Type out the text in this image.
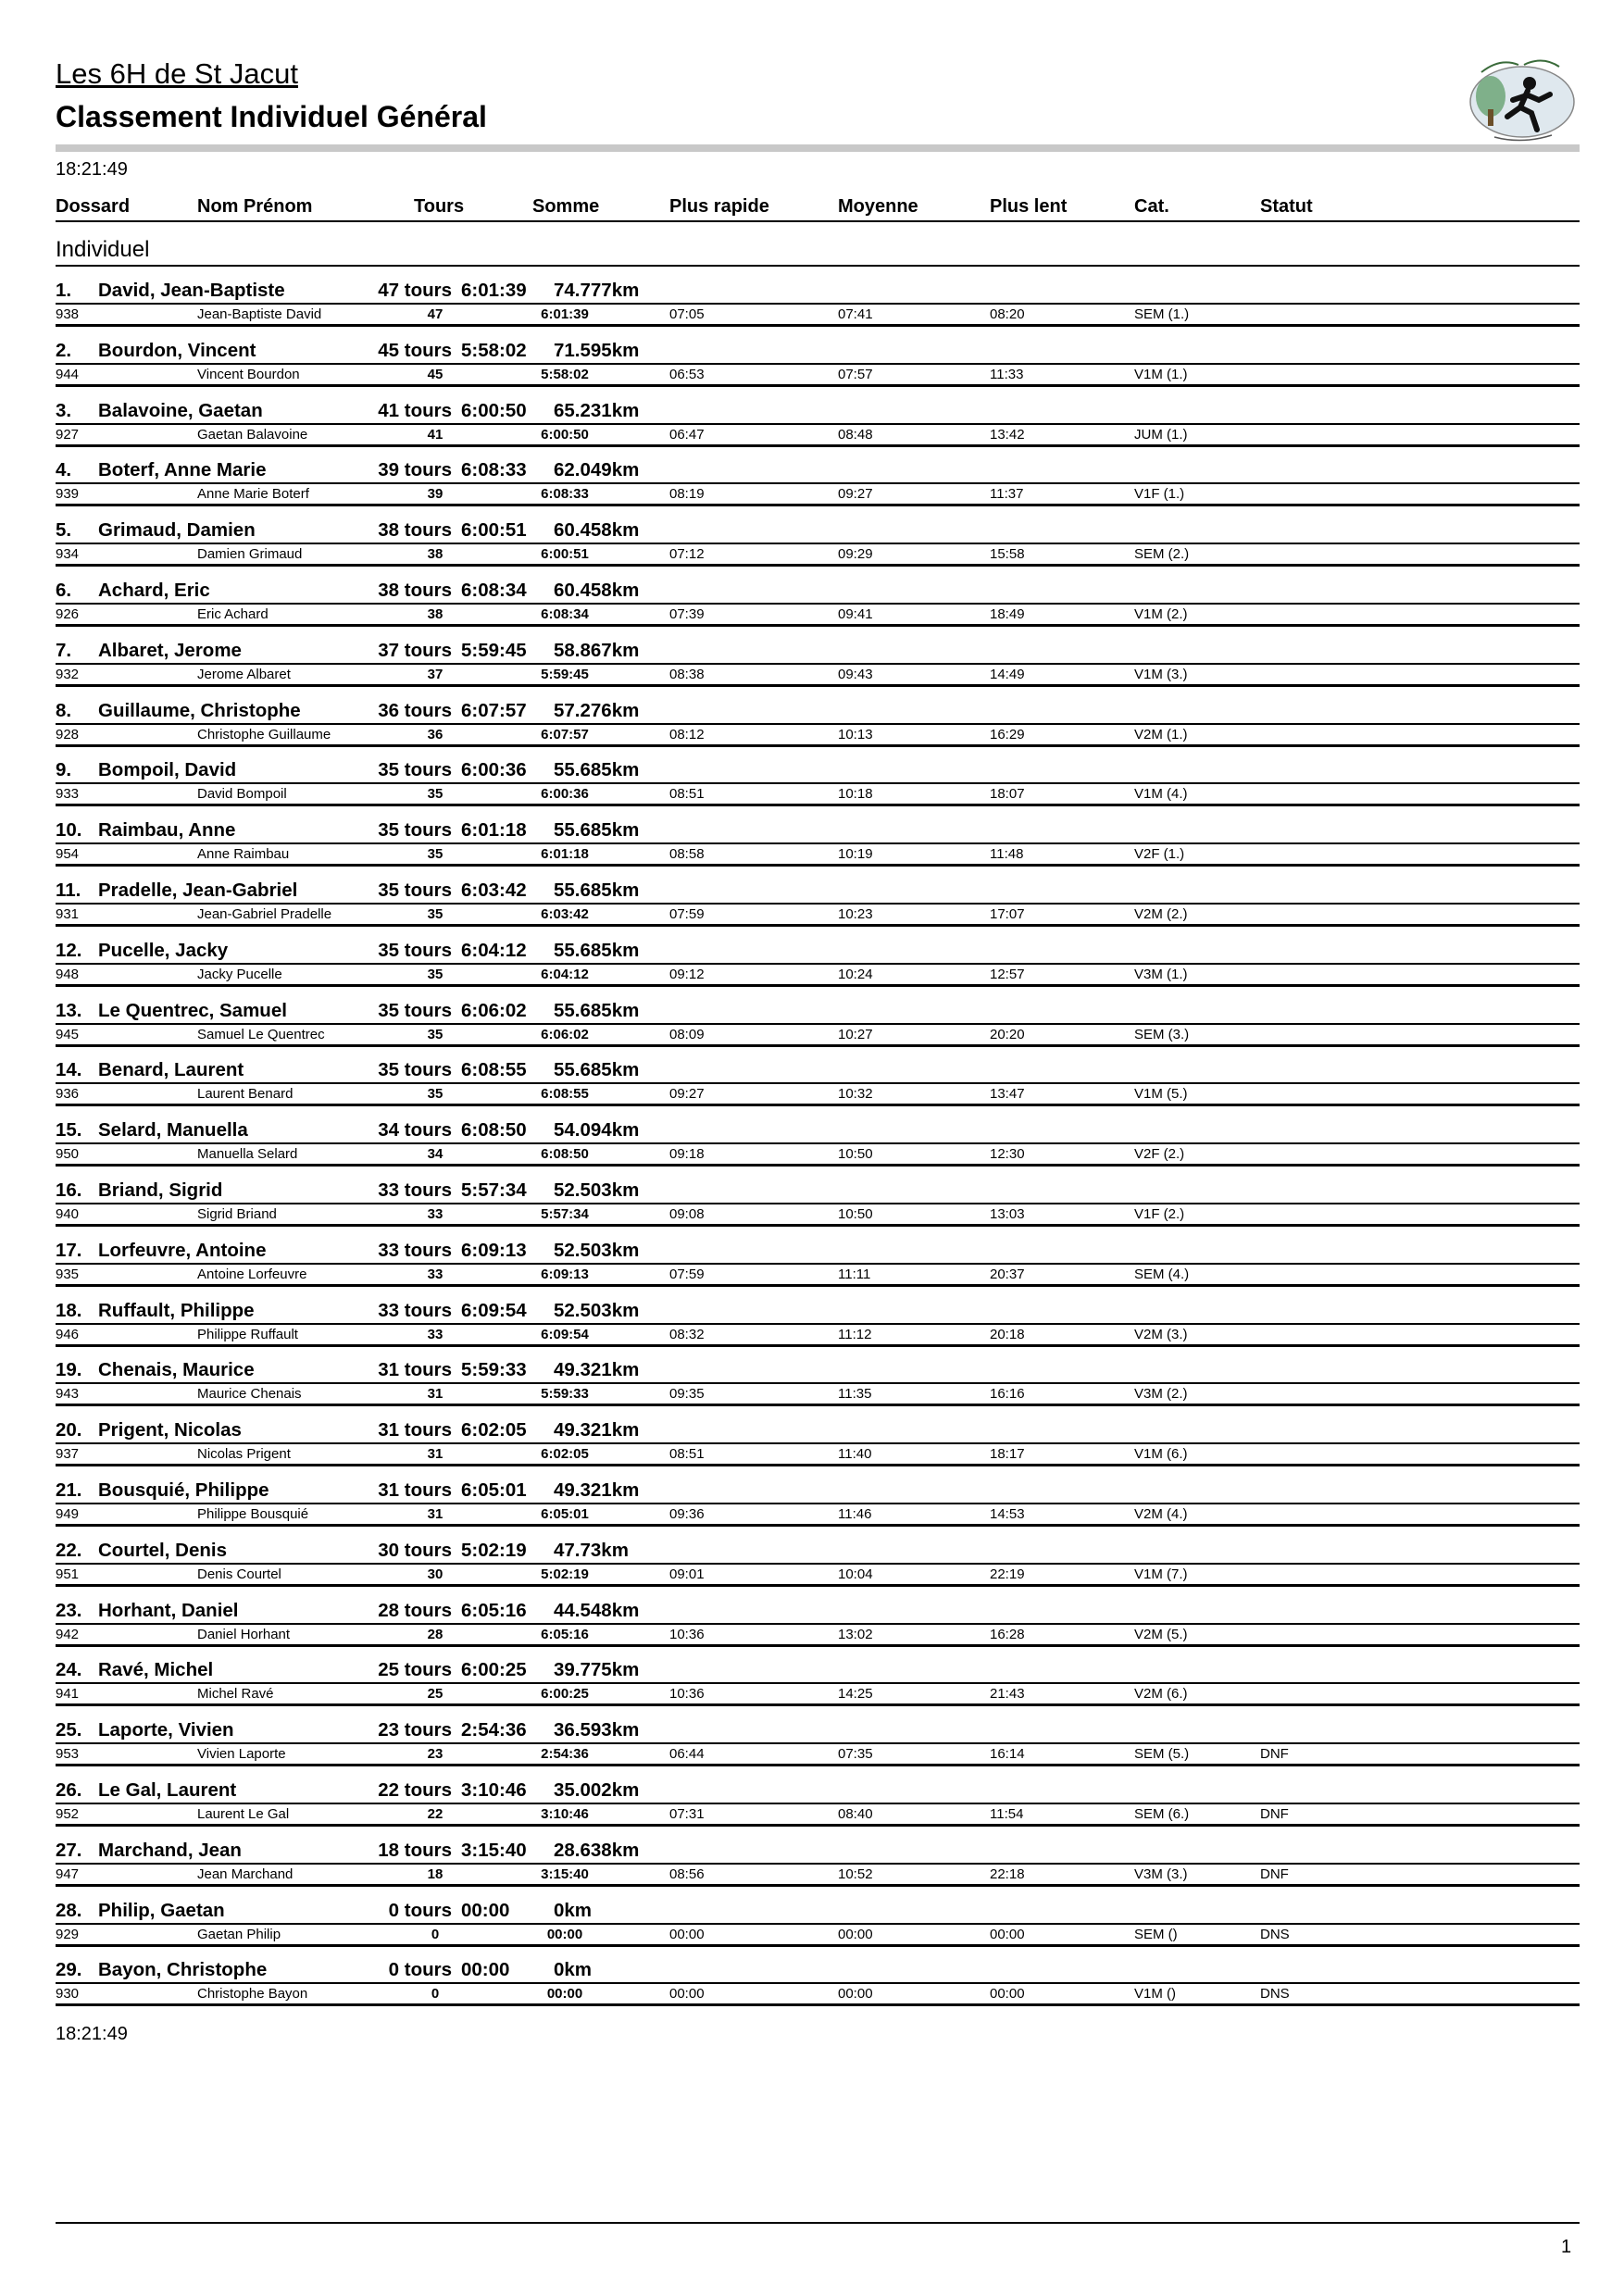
Les 6H de St Jacut
Classement Individuel Général
18:21:49
Dossard	Nom Prénom	Tours	Somme	Plus rapide	Moyenne	Plus lent	Cat.	Statut
Individuel
1. David, Jean-Baptiste	47 tours 6:01:39 74.777km
938	Jean-Baptiste David	47	6:01:39	07:05	07:41	08:20	SEM (1.)
2. Bourdon, Vincent	45 tours 5:58:02 71.595km
944	Vincent Bourdon	45	5:58:02	06:53	07:57	11:33	V1M (1.)
3. Balavoine, Gaetan	41 tours 6:00:50 65.231km
927	Gaetan Balavoine	41	6:00:50	06:47	08:48	13:42	JUM (1.)
4. Boterf, Anne Marie	39 tours 6:08:33 62.049km
939	Anne Marie Boterf	39	6:08:33	08:19	09:27	11:37	V1F (1.)
5. Grimaud, Damien	38 tours 6:00:51 60.458km
934	Damien Grimaud	38	6:00:51	07:12	09:29	15:58	SEM (2.)
6. Achard, Eric	38 tours 6:08:34 60.458km
926	Eric Achard	38	6:08:34	07:39	09:41	18:49	V1M (2.)
7. Albaret, Jerome	37 tours 5:59:45 58.867km
932	Jerome Albaret	37	5:59:45	08:38	09:43	14:49	V1M (3.)
8. Guillaume, Christophe	36 tours 6:07:57 57.276km
928	Christophe Guillaume	36	6:07:57	08:12	10:13	16:29	V2M (1.)
9. Bompoil, David	35 tours 6:00:36 55.685km
933	David Bompoil	35	6:00:36	08:51	10:18	18:07	V1M (4.)
10. Raimbau, Anne	35 tours 6:01:18 55.685km
954	Anne Raimbau	35	6:01:18	08:58	10:19	11:48	V2F (1.)
11. Pradelle, Jean-Gabriel	35 tours 6:03:42 55.685km
931	Jean-Gabriel Pradelle	35	6:03:42	07:59	10:23	17:07	V2M (2.)
12. Pucelle, Jacky	35 tours 6:04:12 55.685km
948	Jacky Pucelle	35	6:04:12	09:12	10:24	12:57	V3M (1.)
13. Le Quentrec, Samuel	35 tours 6:06:02 55.685km
945	Samuel Le Quentrec	35	6:06:02	08:09	10:27	20:20	SEM (3.)
14. Benard, Laurent	35 tours 6:08:55 55.685km
936	Laurent Benard	35	6:08:55	09:27	10:32	13:47	V1M (5.)
15. Selard, Manuella	34 tours 6:08:50 54.094km
950	Manuella Selard	34	6:08:50	09:18	10:50	12:30	V2F (2.)
16. Briand, Sigrid	33 tours 5:57:34 52.503km
940	Sigrid Briand	33	5:57:34	09:08	10:50	13:03	V1F (2.)
17. Lorfeuvre, Antoine	33 tours 6:09:13 52.503km
935	Antoine Lorfeuvre	33	6:09:13	07:59	11:11	20:37	SEM (4.)
18. Ruffault, Philippe	33 tours 6:09:54 52.503km
946	Philippe Ruffault	33	6:09:54	08:32	11:12	20:18	V2M (3.)
19. Chenais, Maurice	31 tours 5:59:33 49.321km
943	Maurice Chenais	31	5:59:33	09:35	11:35	16:16	V3M (2.)
20. Prigent, Nicolas	31 tours 6:02:05 49.321km
937	Nicolas Prigent	31	6:02:05	08:51	11:40	18:17	V1M (6.)
21. Bousquié, Philippe	31 tours 6:05:01 49.321km
949	Philippe Bousquié	31	6:05:01	09:36	11:46	14:53	V2M (4.)
22. Courtel, Denis	30 tours 5:02:19 47.73km
951	Denis Courtel	30	5:02:19	09:01	10:04	22:19	V1M (7.)
23. Horhant, Daniel	28 tours 6:05:16 44.548km
942	Daniel Horhant	28	6:05:16	10:36	13:02	16:28	V2M (5.)
24. Ravé, Michel	25 tours 6:00:25 39.775km
941	Michel Ravé	25	6:00:25	10:36	14:25	21:43	V2M (6.)
25. Laporte, Vivien	23 tours 2:54:36 36.593km
953	Vivien Laporte	23	2:54:36	06:44	07:35	16:14	SEM (5.)	DNF
26. Le Gal, Laurent	22 tours 3:10:46 35.002km
952	Laurent Le Gal	22	3:10:46	07:31	08:40	11:54	SEM (6.)	DNF
27. Marchand, Jean	18 tours 3:15:40 28.638km
947	Jean Marchand	18	3:15:40	08:56	10:52	22:18	V3M (3.)	DNF
28. Philip, Gaetan	0 tours 00:00 0km
929	Gaetan Philip	0	00:00	00:00	00:00	00:00	SEM ()	DNS
29. Bayon, Christophe	0 tours 00:00 0km
930	Christophe Bayon	0	00:00	00:00	00:00	00:00	V1M ()	DNS
18:21:49
1
